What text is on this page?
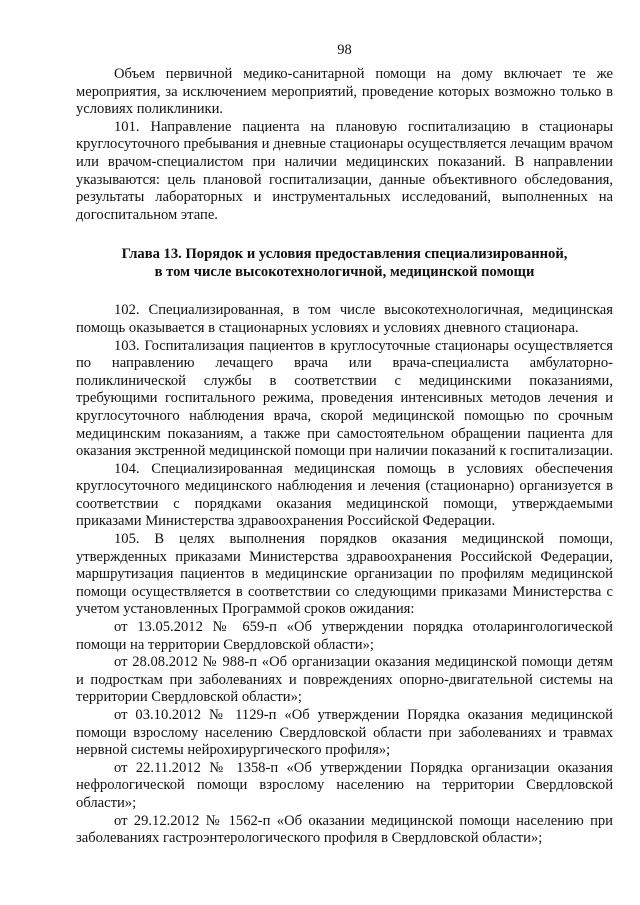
98

Объем первичной медико-санитарной помощи на дому включает те же мероприятия, за исключением мероприятий, проведение которых возможно только в условиях поликлиники.

101. Направление пациента на плановую госпитализацию в стационары круглосуточного пребывания и дневные стационары осуществляется лечащим врачом или врачом-специалистом при наличии медицинских показаний. В направлении указываются: цель плановой госпитализации, данные объективного обследования, результаты лабораторных и инструментальных исследований, выполненных на догоспитальном этапе.

Глава 13. Порядок и условия предоставления специализированной,
в том числе высокотехнологичной, медицинской помощи

102. Специализированная, в том числе высокотехнологичная, медицинская помощь оказывается в стационарных условиях и условиях дневного стационара.

103. Госпитализация пациентов в круглосуточные стационары осуществляется по направлению лечащего врача или врача-специалиста амбулаторно-поликлинической службы в соответствии с медицинскими показаниями, требующими госпитального режима, проведения интенсивных методов лечения и круглосуточного наблюдения врача, скорой медицинской помощью по срочным медицинским показаниям, а также при самостоятельном обращении пациента для оказания экстренной медицинской помощи при наличии показаний к госпитализации.

104. Специализированная медицинская помощь в условиях обеспечения круглосуточного медицинского наблюдения и лечения (стационарно) организуется в соответствии с порядками оказания медицинской помощи, утверждаемыми приказами Министерства здравоохранения Российской Федерации.

105. В целях выполнения порядков оказания медицинской помощи, утвержденных приказами Министерства здравоохранения Российской Федерации, маршрутизация пациентов в медицинские организации по профилям медицинской помощи осуществляется в соответствии со следующими приказами Министерства с учетом установленных Программой сроков ожидания:

от 13.05.2012 № 659-п «Об утверждении порядка отоларингологической помощи на территории Свердловской области»;

от 28.08.2012 № 988-п «Об организации оказания медицинской помощи детям и подросткам при заболеваниях и повреждениях опорно-двигательной системы на территории Свердловской области»;

от 03.10.2012 № 1129-п «Об утверждении Порядка оказания медицинской помощи взрослому населению Свердловской области при заболеваниях и травмах нервной системы нейрохирургического профиля»;

от 22.11.2012 № 1358-п «Об утверждении Порядка организации оказания нефрологической помощи взрослому населению на территории Свердловской области»;

от 29.12.2012 № 1562-п «Об оказании медицинской помощи населению при заболеваниях гастроэнтерологического профиля в Свердловской области»;
